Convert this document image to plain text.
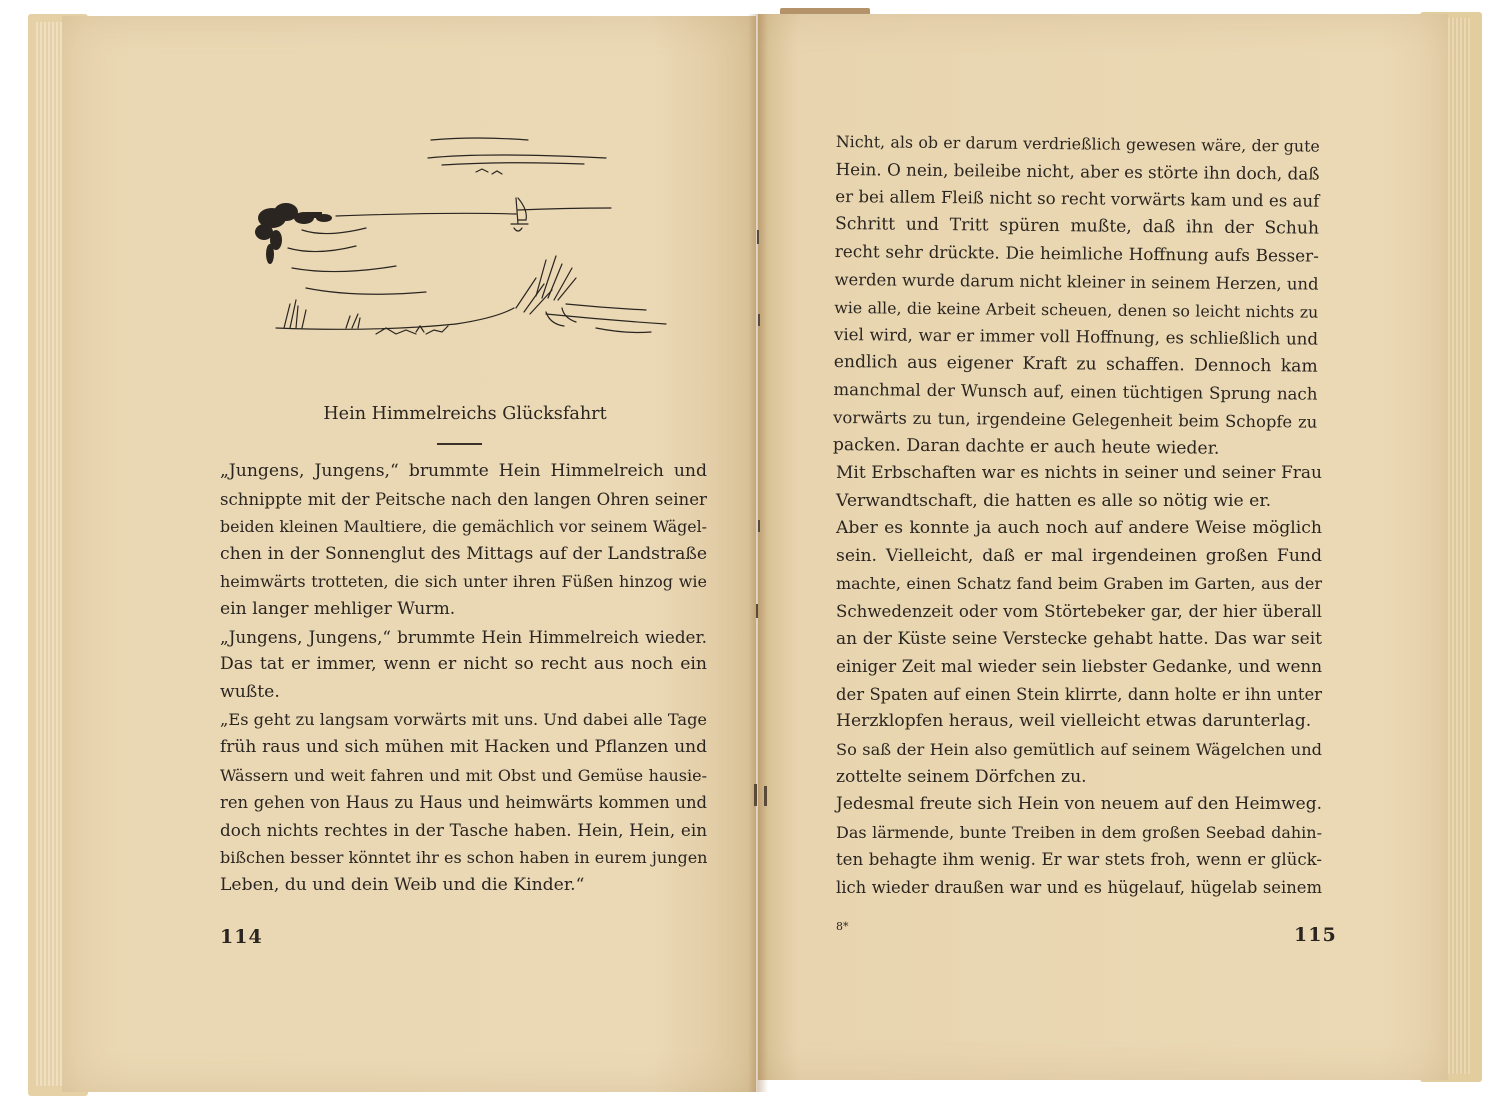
Hein Himmelreichs Glücksfahrt
„Jungens, Jungens,“ brummte Hein Himmelreich und
schnippte mit der Peitsche nach den langen Ohren seiner
beiden kleinen Maultiere, die gemächlich vor seinem Wägel-
chen in der Sonnenglut des Mittags auf der Landstraße
heimwärts trotteten, die sich unter ihren Füßen hinzog wie
ein langer mehliger Wurm.
„Jungens, Jungens,“ brummte Hein Himmelreich wieder.
Das tat er immer, wenn er nicht so recht aus noch ein
wußte.
„Es geht zu langsam vorwärts mit uns. Und dabei alle Tage
früh raus und sich mühen mit Hacken und Pflanzen und
Wässern und weit fahren und mit Obst und Gemüse hausie-
ren gehen von Haus zu Haus und heimwärts kommen und
doch nichts rechtes in der Tasche haben. Hein, Hein, ein
bißchen besser könntet ihr es schon haben in eurem jungen
Leben, du und dein Weib und die Kinder.“
114
Nicht, als ob er darum verdrießlich gewesen wäre, der gute
Hein. O nein, beileibe nicht, aber es störte ihn doch, daß
er bei allem Fleiß nicht so recht vorwärts kam und es auf
Schritt und Tritt spüren mußte, daß ihn der Schuh
recht sehr drückte. Die heimliche Hoffnung aufs Besser-
werden wurde darum nicht kleiner in seinem Herzen, und
wie alle, die keine Arbeit scheuen, denen so leicht nichts zu
viel wird, war er immer voll Hoffnung, es schließlich und
endlich aus eigener Kraft zu schaffen. Dennoch kam
manchmal der Wunsch auf, einen tüchtigen Sprung nach
vorwärts zu tun, irgendeine Gelegenheit beim Schopfe zu
packen. Daran dachte er auch heute wieder.
Mit Erbschaften war es nichts in seiner und seiner Frau
Verwandtschaft, die hatten es alle so nötig wie er.
Aber es konnte ja auch noch auf andere Weise möglich
sein. Vielleicht, daß er mal irgendeinen großen Fund
machte, einen Schatz fand beim Graben im Garten, aus der
Schwedenzeit oder vom Störtebeker gar, der hier überall
an der Küste seine Verstecke gehabt hatte. Das war seit
einiger Zeit mal wieder sein liebster Gedanke, und wenn
der Spaten auf einen Stein klirrte, dann holte er ihn unter
Herzklopfen heraus, weil vielleicht etwas darunterlag.
So saß der Hein also gemütlich auf seinem Wägelchen und
zottelte seinem Dörfchen zu.
Jedesmal freute sich Hein von neuem auf den Heimweg.
Das lärmende, bunte Treiben in dem großen Seebad dahin-
ten behagte ihm wenig. Er war stets froh, wenn er glück-
lich wieder draußen war und es hügelauf, hügelab seinem
8*	115
